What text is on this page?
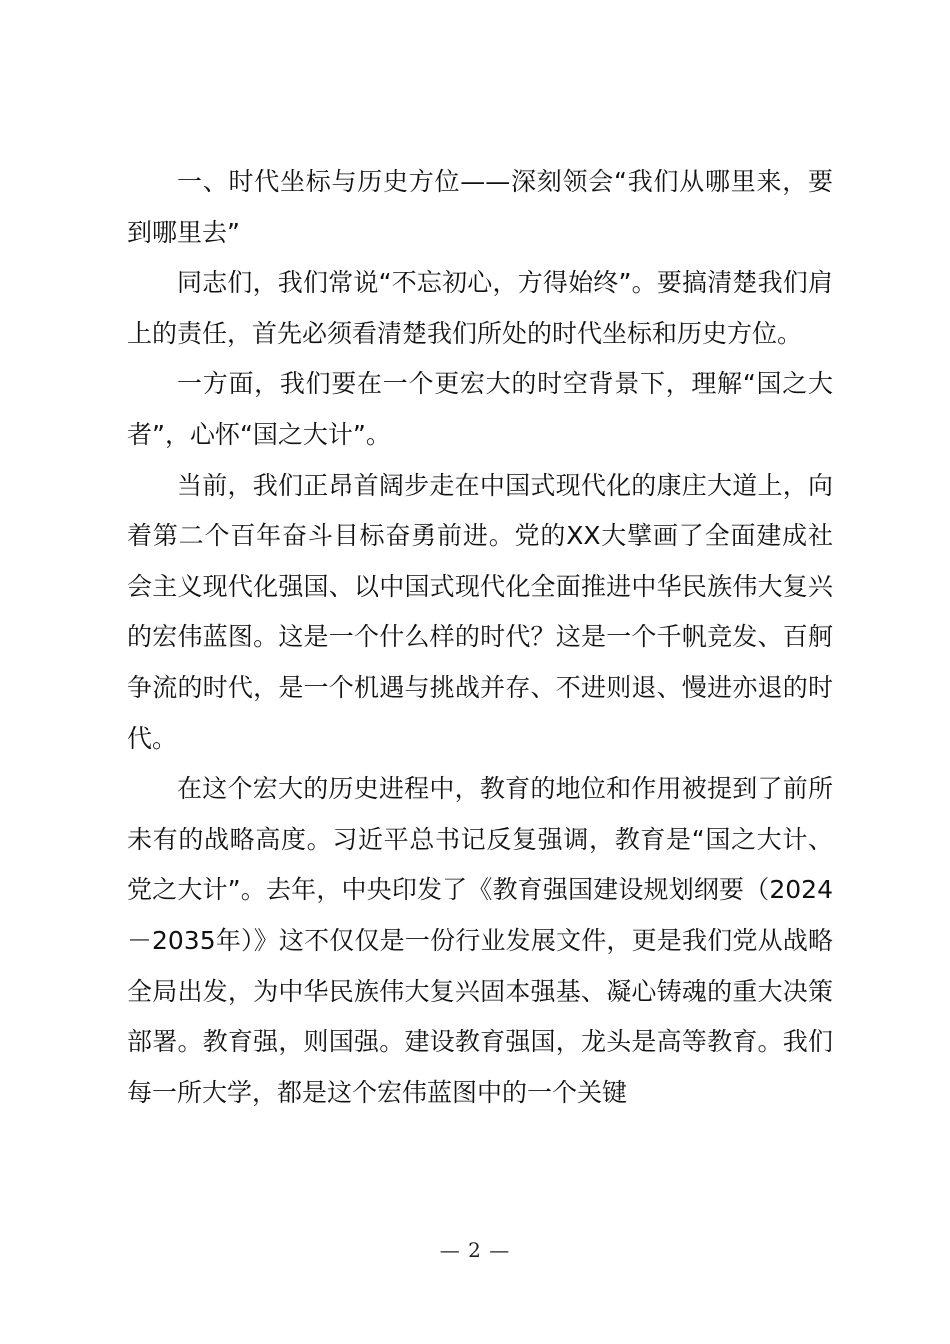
一、时代坐标与历史方位——深刻领会“我们从哪里来，要到哪里去”

同志们，我们常说“不忘初心，方得始终”。要搞清楚我们肩上的责任，首先必须看清楚我们所处的时代坐标和历史方位。

一方面，我们要在一个更宏大的时空背景下，理解“国之大者”，心怀“国之大计”。

当前，我们正昂首阔步走在中国式现代化的康庄大道上，向着第二个百年奋斗目标奋勇前进。党的XX大擘画了全面建成社会主义现代化强国、以中国式现代化全面推进中华民族伟大复兴的宏伟蓝图。这是一个什么样的时代？这是一个千帆竞发、百舸争流的时代，是一个机遇与挑战并存、不进则退、慢进亦退的时代。

在这个宏大的历史进程中，教育的地位和作用被提到了前所未有的战略高度。习近平总书记反复强调，教育是“国之大计、党之大计”。去年，中央印发了《教育强国建设规划纲要（2024－2035年）》这不仅仅是一份行业发展文件，更是我们党从战略全局出发，为中华民族伟大复兴固本强基、凝心铸魂的重大决策部署。教育强，则国强。建设教育强国，龙头是高等教育。我们每一所大学，都是这个宏伟蓝图中的一个关键

— 2 —
